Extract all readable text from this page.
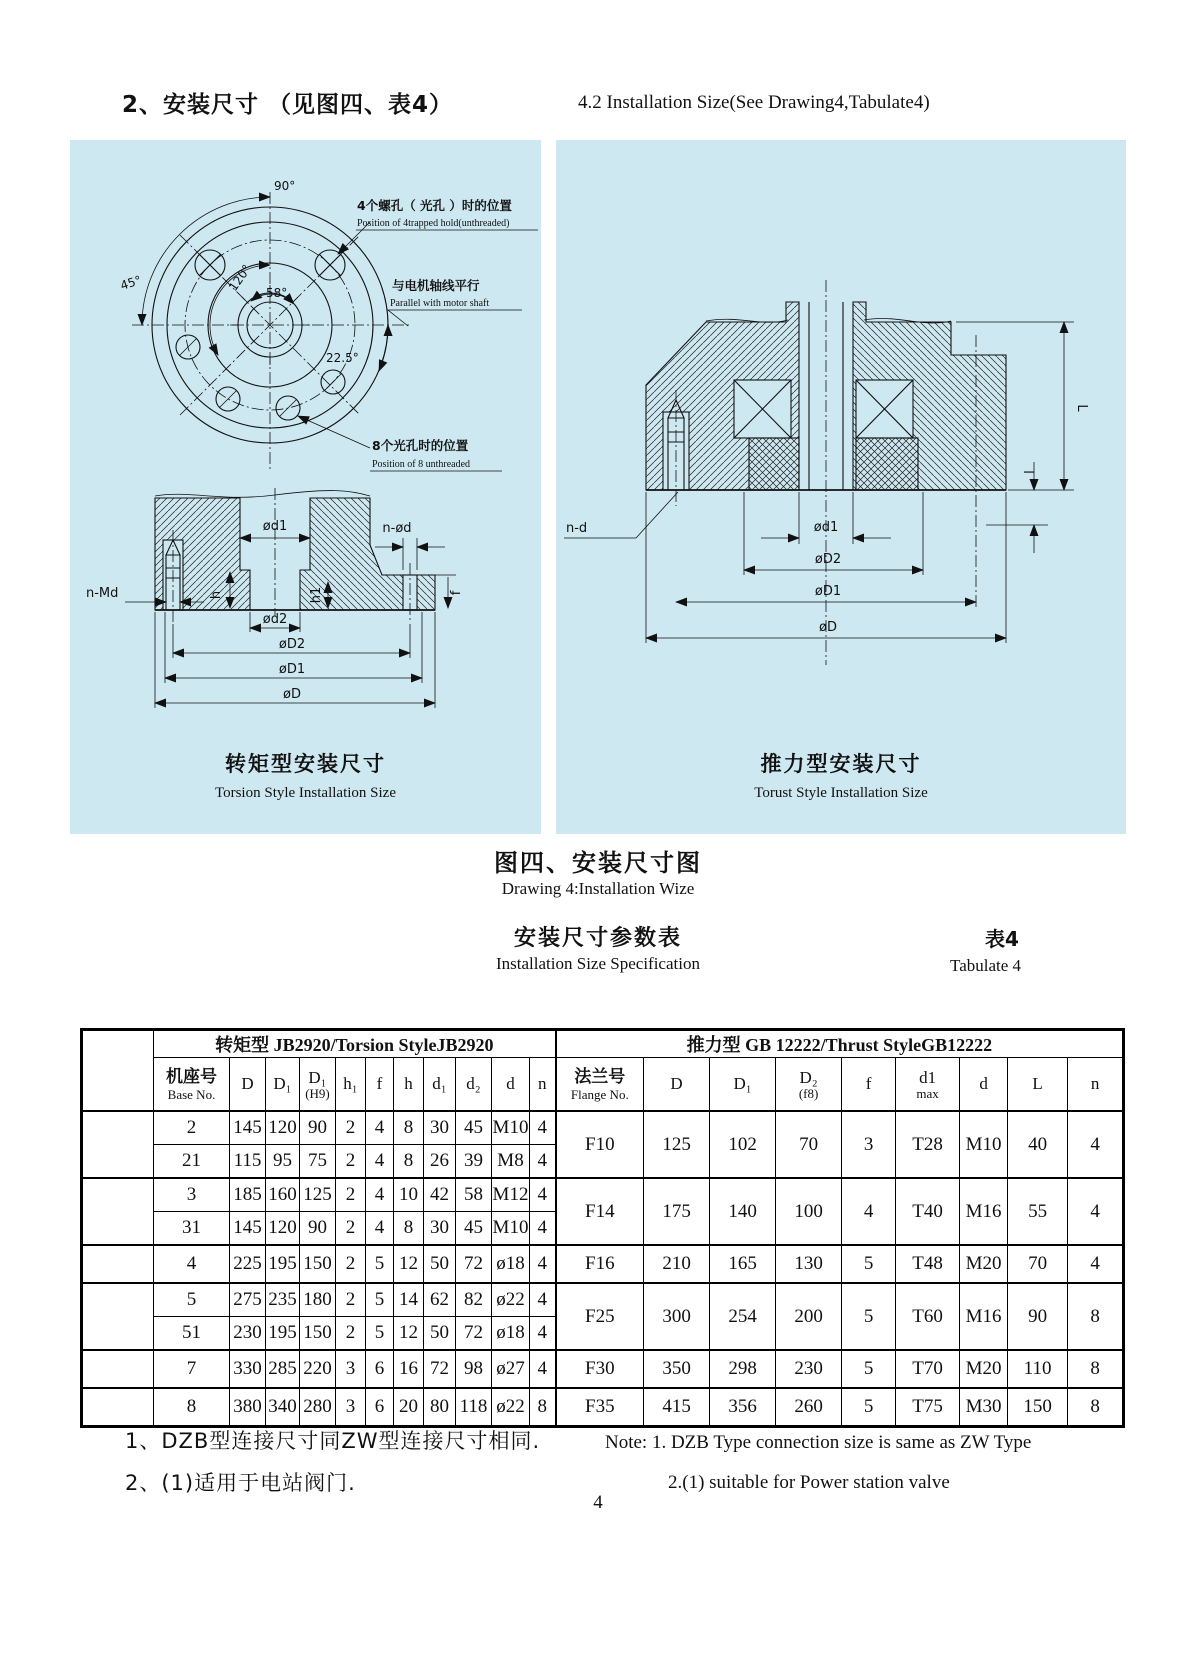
2、安装尺寸 （见图四、表4）	4.2 Installation Size(See Drawing4,Tabulate4)
90°
45°	120° 58°
22.5°
4个螺孔（ 光孔 ）时的位置
Position of 4trapped hold(unthreaded)
与电机轴线平行
Parallel with motor shaft
8个光孔时的位置
Position of 8 unthreaded
ød1	n-ød
n-Md	h	h1	f
ød2
øD2
øD1
øD
转矩型安装尺寸
Torsion Style Installation Size
n-d	ød1
øD2
øD1
øD
L
l
推力型安装尺寸
Torust Style Installation Size
图四、安装尺寸图
Drawing 4:Installation Wize
安装尺寸参数表	表4
Installation Size Specification	Tabulate 4
	转矩型 JB2920/Torsion StyleJB2920											推力型 GB 12222/Thrust StyleGB12222								

	机座号
Base No.	D	D₁	D₁
(H9)	h₁	f	h	d₁	d₂	d	n	法兰号
Flange No.	D	D₁	D₂
(f8)	f	d1
max	d	L	n
	2	145	120	90	2	4	8	30	45	M10	4	F10	125	102	70	3	T28	M10	40	4
	21	115	95	75	2	4	8	26	39	M8	4									
	3	185	160	125	2	4	10	42	58	M12	4	F14	175	140	100	4	T40	M16	55	4
	31	145	120	90	2	4	8	30	45	M10	4									
	4	225	195	150	2	5	12	50	72	ø18	4	F16	210	165	130	5	T48	M20	70	4
	5	275	235	180	2	5	14	62	82	ø22	4	F25	300	254	200	5	T60	M16	90	8
	51	230	195	150	2	5	12	50	72	ø18	4									
	7	330	285	220	3	6	16	72	98	ø27	4	F30	350	298	230	5	T70	M20	110	8
	8	380	340	280	3	6	20	80	118	ø22	8	F35	415	356	260	5	T75	M30	150	8
1、DZB型连接尺寸同ZW型连接尺寸相同.
2、(1)适用于电站阀门.
Note: 1. DZB Type connection size is same as ZW Type
2.(1) suitable for Power station valve
4
